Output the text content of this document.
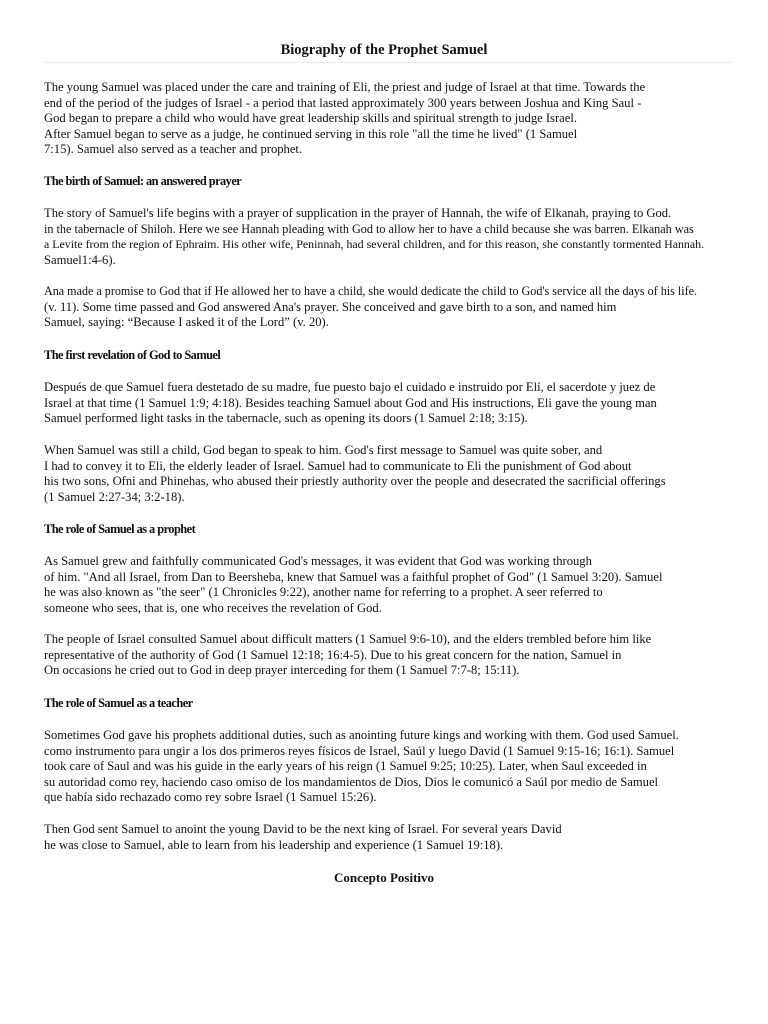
Biography of the Prophet Samuel

The young Samuel was placed under the care and training of Eli, the priest and judge of Israel at that time. Towards the
end of the period of the judges of Israel - a period that lasted approximately 300 years between Joshua and King Saul -
God began to prepare a child who would have great leadership skills and spiritual strength to judge Israel.
After Samuel began to serve as a judge, he continued serving in this role "all the time he lived" (1 Samuel
7:15). Samuel also served as a teacher and prophet.

The birth of Samuel: an answered prayer

The story of Samuel's life begins with a prayer of supplication in the prayer of Hannah, the wife of Elkanah, praying to God.
in the tabernacle of Shiloh. Here we see Hannah pleading with God to allow her to have a child because she was barren. Elkanah was
a Levite from the region of Ephraim. His other wife, Peninnah, had several children, and for this reason, she constantly tormented Hannah.
Samuel1:4-6).

Ana made a promise to God that if He allowed her to have a child, she would dedicate the child to God's service all the days of his life.
(v. 11). Some time passed and God answered Ana's prayer. She conceived and gave birth to a son, and named him
Samuel, saying: “Because I asked it of the Lord” (v. 20).

The first revelation of God to Samuel

Después de que Samuel fuera destetado de su madre, fue puesto bajo el cuidado e instruido por Elí, el sacerdote y juez de
Israel at that time (1 Samuel 1:9; 4:18). Besides teaching Samuel about God and His instructions, Eli gave the young man
Samuel performed light tasks in the tabernacle, such as opening its doors (1 Samuel 2:18; 3:15).

When Samuel was still a child, God began to speak to him. God's first message to Samuel was quite sober, and
I had to convey it to Eli, the elderly leader of Israel. Samuel had to communicate to Eli the punishment of God about
his two sons, Ofni and Phinehas, who abused their priestly authority over the people and desecrated the sacrificial offerings
(1 Samuel 2:27-34; 3:2-18).

The role of Samuel as a prophet

As Samuel grew and faithfully communicated God's messages, it was evident that God was working through
of him. "And all Israel, from Dan to Beersheba, knew that Samuel was a faithful prophet of God" (1 Samuel 3:20). Samuel
he was also known as "the seer" (1 Chronicles 9:22), another name for referring to a prophet. A seer referred to
someone who sees, that is, one who receives the revelation of God.

The people of Israel consulted Samuel about difficult matters (1 Samuel 9:6-10), and the elders trembled before him like
representative of the authority of God (1 Samuel 12:18; 16:4-5). Due to his great concern for the nation, Samuel in
On occasions he cried out to God in deep prayer interceding for them (1 Samuel 7:7-8; 15:11).

The role of Samuel as a teacher

Sometimes God gave his prophets additional duties, such as anointing future kings and working with them. God used Samuel.
como instrumento para ungir a los dos primeros reyes físicos de Israel, Saúl y luego David (1 Samuel 9:15-16; 16:1). Samuel
took care of Saul and was his guide in the early years of his reign (1 Samuel 9:25; 10:25). Later, when Saul exceeded in
su autoridad como rey, haciendo caso omiso de los mandamientos de Dios, Dios le comunicó a Saúl por medio de Samuel
que había sido rechazado como rey sobre Israel (1 Samuel 15:26).

Then God sent Samuel to anoint the young David to be the next king of Israel. For several years David
he was close to Samuel, able to learn from his leadership and experience (1 Samuel 19:18).

Concepto Positivo
